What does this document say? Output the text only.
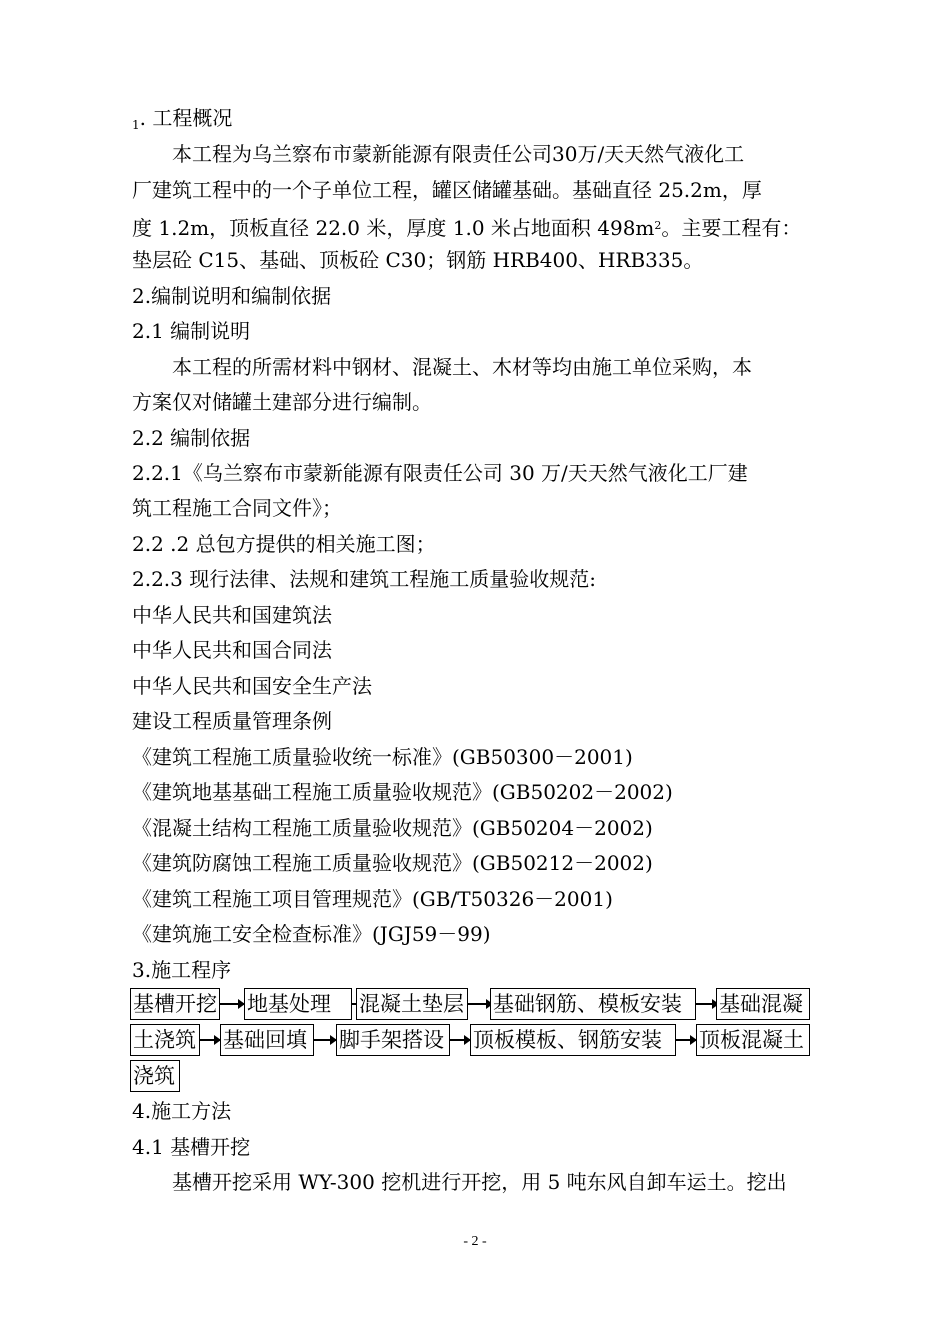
$_1$. 工程概况
本工程为乌兰察布市蒙新能源有限责任公司30万/天天然气液化工
厂建筑工程中的一个子单位工程，罐区储罐基础。基础直径 25.2m，厚
度 1.2m，顶板直径 22.0 米，厚度 1.0 米占地面积 $498m^2$。主要工程有：
垫层砼 C15、基础、顶板砼 C30；钢筋 HRB400、HRB335。
2.编制说明和编制依据
2.1 编制说明
本工程的所需材料中钢材、混凝土、木材等均由施工单位采购，本
方案仅对储罐土建部分进行编制。
2.2 编制依据
2.2.1《乌兰察布市蒙新能源有限责任公司 30 万/天天然气液化工厂建
筑工程施工合同文件》；
2.2 .2 总包方提供的相关施工图；
2.2.3 现行法律、法规和建筑工程施工质量验收规范:
中华人民共和国建筑法
中华人民共和国合同法
中华人民共和国安全生产法
建设工程质量管理条例
《建筑工程施工质量验收统一标准》(GB50300－2001)
《建筑地基基础工程施工质量验收规范》(GB50202－2002)
《混凝土结构工程施工质量验收规范》(GB50204－2002)
《建筑防腐蚀工程施工质量验收规范》(GB50212－2002)
《建筑工程施工项目管理规范》(GB/T50326－2001)
《建筑施工安全检查标准》(JGJ59－99)
3.施工程序
基槽开挖 地基处理	混凝土垫层 基础钢筋、模板安装	基础混凝
土浇筑 基础回填	脚手架搭设 顶板模板、钢筋安装	顶板混凝土
浇筑
4.施工方法
4.1 基槽开挖
基槽开挖采用 WY-300 挖机进行开挖，用 5 吨东风自卸车运土。挖出
- 2 -
